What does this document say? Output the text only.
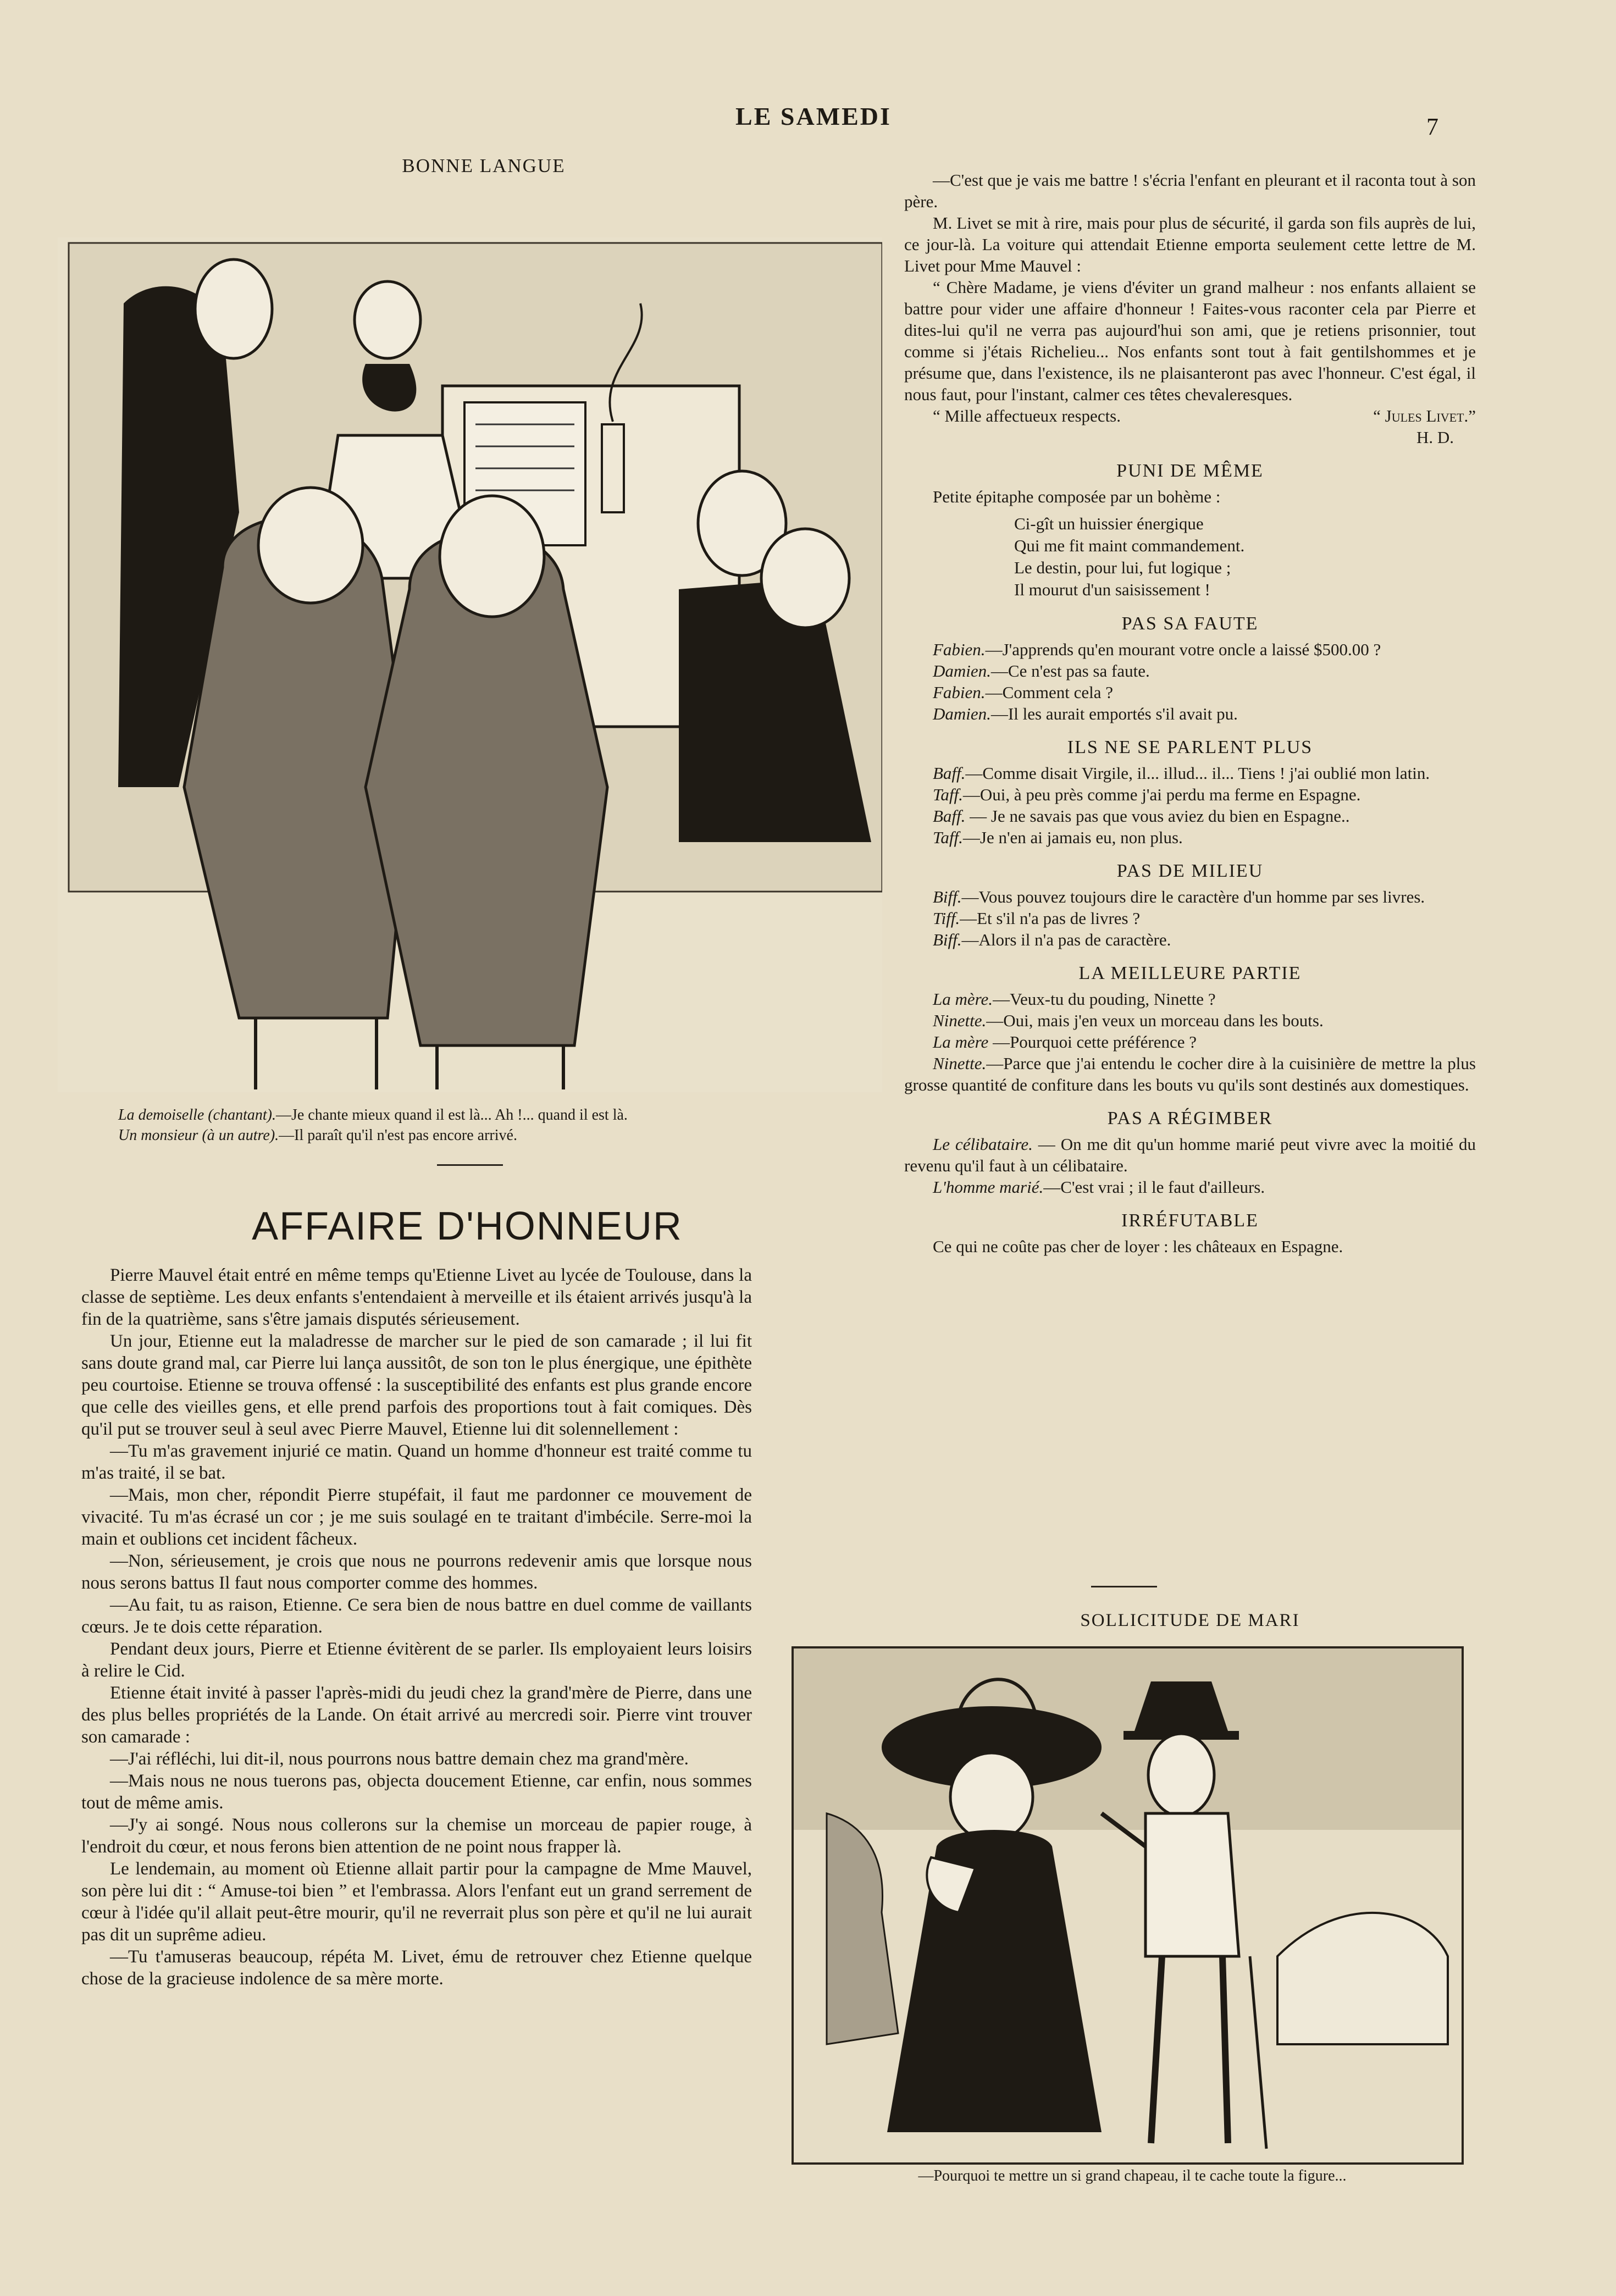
LE SAMEDI	7
BONNE LANGUE
La demoiselle (chantant).—Je chante mieux quand il est là... Ah !... quand il est là.
Un monsieur (à un autre).—Il paraît qu'il n'est pas encore arrivé.
AFFAIRE D'HONNEUR

Pierre Mauvel était entré en même temps qu'Etienne Livet au lycée de Toulouse, dans la classe de septième. Les deux enfants s'entendaient à merveille et ils étaient arrivés jusqu'à la fin de la quatrième, sans s'être jamais disputés sérieusement.

Un jour, Etienne eut la maladresse de marcher sur le pied de son camarade ; il lui fit sans doute grand mal, car Pierre lui lança aussitôt, de son ton le plus énergique, une épithète peu courtoise. Etienne se trouva offensé : la susceptibilité des enfants est plus grande encore que celle des vieilles gens, et elle prend parfois des proportions tout à fait comiques. Dès qu'il put se trouver seul à seul avec Pierre Mauvel, Etienne lui dit solennellement :

—Tu m'as gravement injurié ce matin. Quand un homme d'honneur est traité comme tu m'as traité, il se bat.

—Mais, mon cher, répondit Pierre stupéfait, il faut me pardonner ce mouvement de vivacité. Tu m'as écrasé un cor ; je me suis soulagé en te traitant d'imbécile. Serre-moi la main et oublions cet incident fâcheux.

—Non, sérieusement, je crois que nous ne pourrons redevenir amis que lorsque nous nous serons battus Il faut nous comporter comme des hommes.

—Au fait, tu as raison, Etienne. Ce sera bien de nous battre en duel comme de vaillants cœurs. Je te dois cette réparation.

Pendant deux jours, Pierre et Etienne évitèrent de se parler. Ils employaient leurs loisirs à relire le Cid.

Etienne était invité à passer l'après-midi du jeudi chez la grand'mère de Pierre, dans une des plus belles propriétés de la Lande. On était arrivé au mercredi soir. Pierre vint trouver son camarade :

—J'ai réfléchi, lui dit-il, nous pourrons nous battre demain chez ma grand'mère.

—Mais nous ne nous tuerons pas, objecta doucement Etienne, car enfin, nous sommes tout de même amis.

—J'y ai songé. Nous nous collerons sur la chemise un morceau de papier rouge, à l'endroit du cœur, et nous ferons bien attention de ne point nous frapper là.

Le lendemain, au moment où Etienne allait partir pour la campagne de Mme Mauvel, son père lui dit : “ Amuse-toi bien ” et l'embrassa. Alors l'enfant eut un grand serrement de cœur à l'idée qu'il allait peut-être mourir, qu'il ne reverrait plus son père et qu'il ne lui aurait pas dit un suprême adieu.

—Tu t'amuseras beaucoup, répéta M. Livet, ému de retrouver chez Etienne quelque chose de la gracieuse indolence de sa mère morte.

—C'est que je vais me battre ! s'écria l'enfant en pleurant et il raconta tout à son père.

M. Livet se mit à rire, mais pour plus de sécurité, il garda son fils auprès de lui, ce jour-là. La voiture qui attendait Etienne emporta seulement cette lettre de M. Livet pour Mme Mauvel :

“ Chère Madame, je viens d'éviter un grand malheur : nos enfants allaient se battre pour vider une affaire d'honneur ! Faites-vous raconter cela par Pierre et dites-lui qu'il ne verra pas aujourd'hui son ami, que je retiens prisonnier, tout comme si j'étais Richelieu... Nos enfants sont tout à fait gentilshommes et je présume que, dans l'existence, ils ne plaisanteront pas avec l'honneur. C'est égal, il nous faut, pour l'instant, calmer ces têtes chevaleresques.

“ Mille affectueux respects.	“ Jules Livet.”
H. D.
PUNI DE MÊME

Petite épitaphe composée par un bohème :

Ci-gît un huissier énergique
Qui me fit maint commandement.
Le destin, pour lui, fut logique ;
Il mourut d'un saisissement !
PAS SA FAUTE

Fabien.—J'apprends qu'en mourant votre oncle a laissé $500.00 ?

Damien.—Ce n'est pas sa faute.

Fabien.—Comment cela ?

Damien.—Il les aurait emportés s'il avait pu.

ILS NE SE PARLENT PLUS

Baff.—Comme disait Virgile, il... illud... il... Tiens ! j'ai oublié mon latin.

Taff.—Oui, à peu près comme j'ai perdu ma ferme en Espagne.

Baff. — Je ne savais pas que vous aviez du bien en Espagne..

Taff.—Je n'en ai jamais eu, non plus.

PAS DE MILIEU

Biff.—Vous pouvez toujours dire le caractère d'un homme par ses livres.

Tiff.—Et s'il n'a pas de livres ?

Biff.—Alors il n'a pas de caractère.

LA MEILLEURE PARTIE

La mère.—Veux-tu du pouding, Ninette ?

Ninette.—Oui, mais j'en veux un morceau dans les bouts.

La mère —Pourquoi cette préférence ?

Ninette.—Parce que j'ai entendu le cocher dire à la cuisinière de mettre la plus grosse quantité de confiture dans les bouts vu qu'ils sont destinés aux domestiques.

PAS A RÉGIMBER

Le célibataire. — On me dit qu'un homme marié peut vivre avec la moitié du revenu qu'il faut à un célibataire.

L'homme marié.—C'est vrai ; il le faut d'ailleurs.

IRRÉFUTABLE

Ce qui ne coûte pas cher de loyer : les châteaux en Espagne.

SOLLICITUDE DE MARI
—Pourquoi te mettre un si grand chapeau, il te cache toute la figure...
